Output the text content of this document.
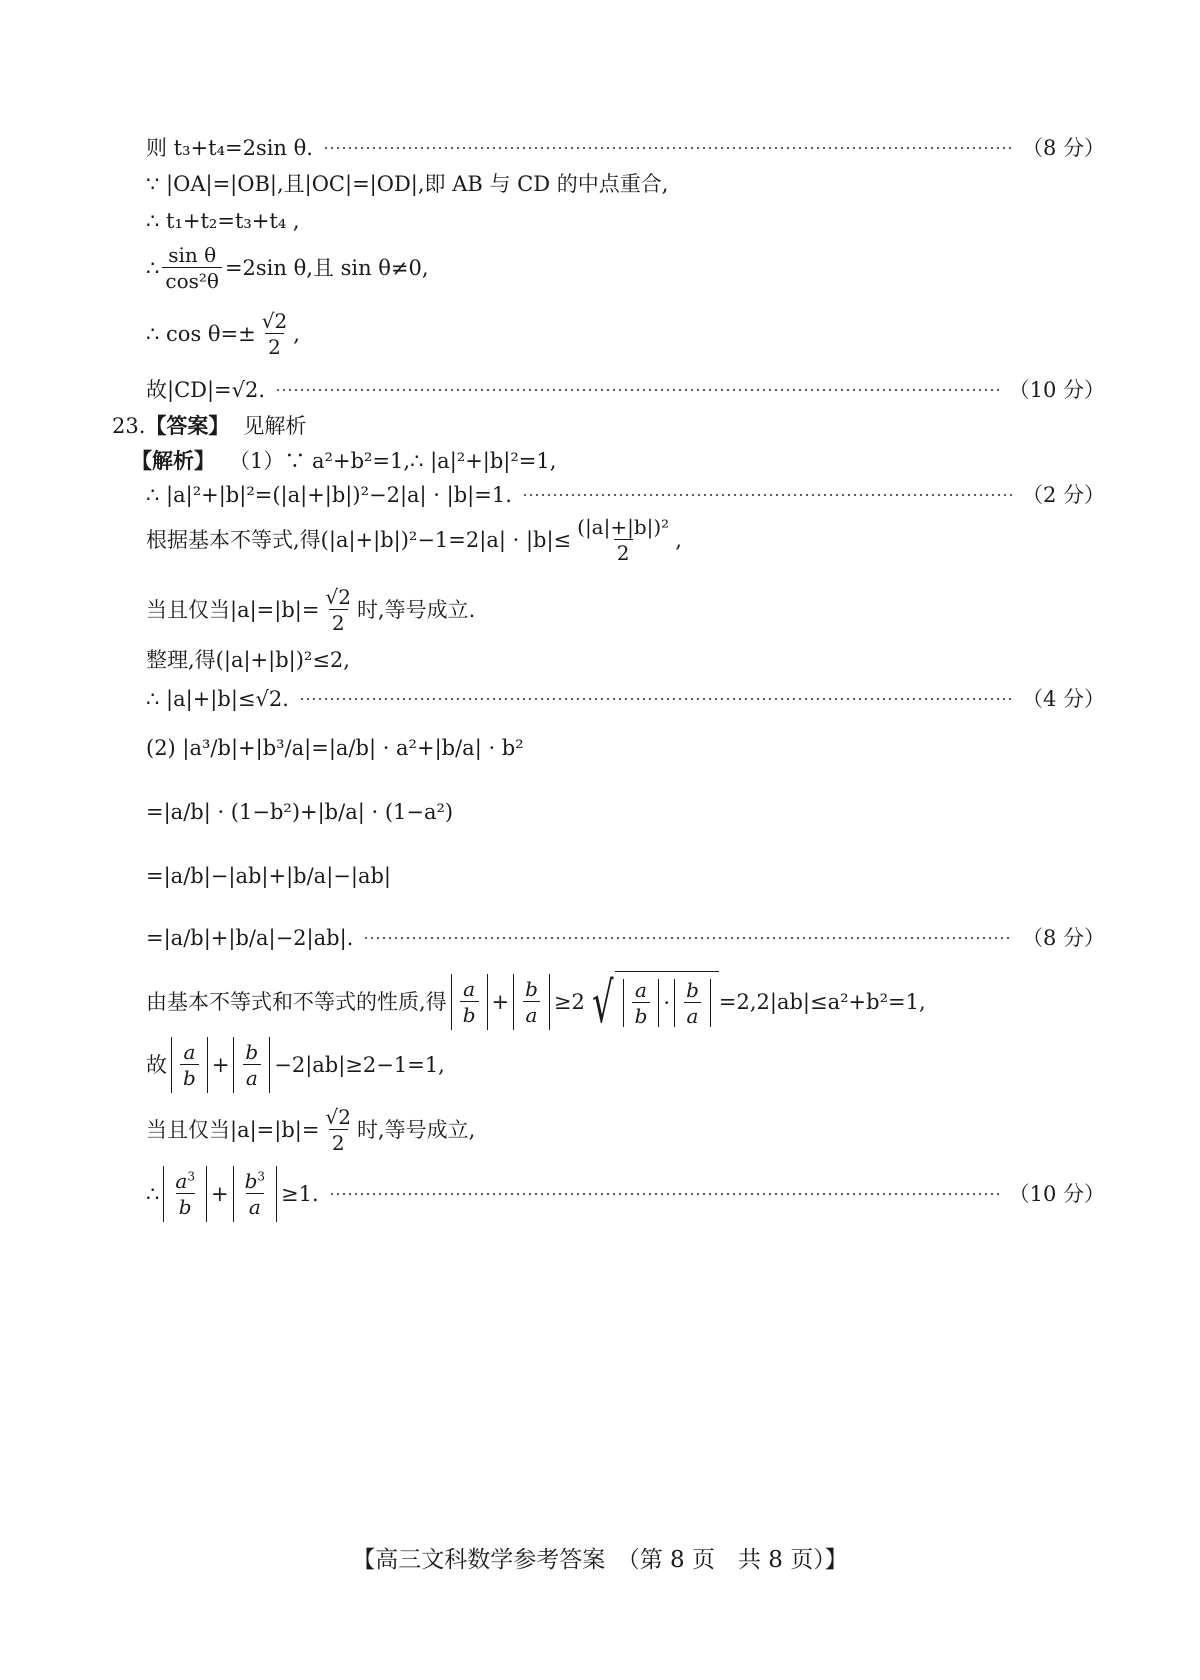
则 t₃+t₄=2sin θ.	（8 分）
∵ |OA|=|OB|,且|OC|=|OD|,即 AB 与 CD 的中点重合,
∴ t₁+t₂=t₃+t₄ ,
∴ $\frac{\text{sin θ}}{\text{cos²θ}} =2\sin$ θ,且 sin θ≠0,
∴ $\cos \theta=\pm \frac{√2}{2}$ ,
故|CD|=√2.	（10 分）
23. 【答案】 见解析
【解析】 （1）∵ a²+b²=1,∴ |a|²+|b|²=1,
∴ |a|²+|b|²=(|a|+|b|)²−2|a| · |b|=1.	（2 分）
根据基本不等式,得$(|a|+|b|)^2-1=2|a| \cdot |b|\le \frac{\text{(|a|+|b|)²}}{2}$ ,
当且仅当$|a|=|b|= \frac{√2}{2}$ 时,等号成立.
整理,得(|a|+|b|)²≤2,
∴ |a|+|b|≤√2.	（4 分）
(2) |a³/b|+|b³/a|=|a/b| · a²+|b/a| · b²
=|a/b| · (1−b²)+|b/a| · (1−a²)
=|a/b|−|ab|+|b/a|−|ab|
=|a/b|+|b/a|−2|ab|.	（8 分）
由基本不等式和不等式的性质,得 $\frac{a}{b} + \frac{b}{a} \ge 2$ √ $\frac{a}{b} \cdot \frac{b}{a} =2,2|ab|\le a^2+b^2=1$,
故 $\frac{a}{b} + \frac{b}{a} -2|ab|\ge 2-1=1$,
当且仅当$|a|=|b|= \frac{√2}{2}$ 时,等号成立,
∴ $\frac{a^3}{b} + \frac{b^3}{a} \ge 1$.	（10 分）
【高三文科数学参考答案　（第 8 页　共 8 页）】
